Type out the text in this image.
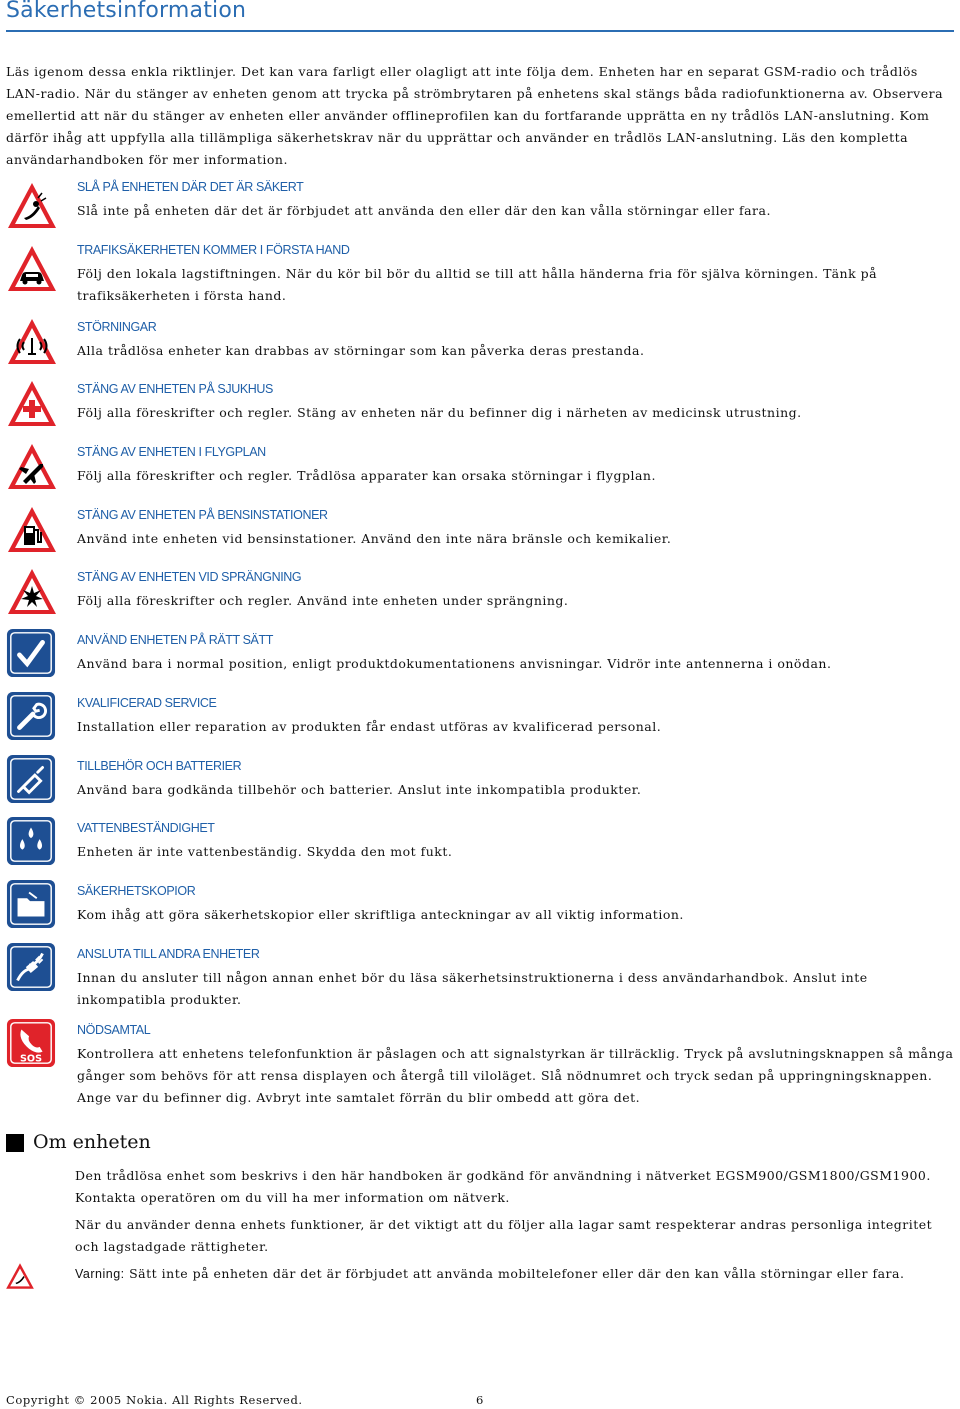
Säkerhetsinformation

Läs igenom dessa enkla riktlinjer. Det kan vara farligt eller olagligt att inte följa dem. Enheten har en separat GSM-radio och trådlös LAN-radio. När du stänger av enheten genom att trycka på strömbrytaren på enhetens skal stängs båda radiofunktionerna av. Observera emellertid att när du stänger av enheten eller använder offlineprofilen kan du fortfarande upprätta en ny trådlös LAN-anslutning. Kom därför ihåg att uppfylla alla tillämpliga säkerhetskrav när du upprättar och använder en trådlös LAN-anslutning. Läs den kompletta användarhandboken för mer information.

SLÅ PÅ ENHETEN DÄR DET ÄR SÄKERT

Slå inte på enheten där det är förbjudet att använda den eller där den kan vålla störningar eller fara.

TRAFIKSÄKERHETEN KOMMER I FÖRSTA HAND

Följ den lokala lagstiftningen. När du kör bil bör du alltid se till att hålla händerna fria för själva körningen. Tänk på trafiksäkerheten i första hand.

STÖRNINGAR

Alla trådlösa enheter kan drabbas av störningar som kan påverka deras prestanda.

STÄNG AV ENHETEN PÅ SJUKHUS

Följ alla föreskrifter och regler. Stäng av enheten när du befinner dig i närheten av medicinsk utrustning.

STÄNG AV ENHETEN I FLYGPLAN

Följ alla föreskrifter och regler. Trådlösa apparater kan orsaka störningar i flygplan.

STÄNG AV ENHETEN PÅ BENSINSTATIONER

Använd inte enheten vid bensinstationer. Använd den inte nära bränsle och kemikalier.

STÄNG AV ENHETEN VID SPRÄNGNING

Följ alla föreskrifter och regler. Använd inte enheten under sprängning.

ANVÄND ENHETEN PÅ RÄTT SÄTT

Använd bara i normal position, enligt produktdokumentationens anvisningar. Vidrör inte antennerna i onödan.

KVALIFICERAD SERVICE

Installation eller reparation av produkten får endast utföras av kvalificerad personal.

TILLBEHÖR OCH BATTERIER

Använd bara godkända tillbehör och batterier. Anslut inte inkompatibla produkter.

VATTENBESTÄNDIGHET

Enheten är inte vattenbeständig. Skydda den mot fukt.

SÄKERHETSKOPIOR

Kom ihåg att göra säkerhetskopior eller skriftliga anteckningar av all viktig information.

ANSLUTA TILL ANDRA ENHETER

Innan du ansluter till någon annan enhet bör du läsa säkerhetsinstruktionerna i dess användarhandbok. Anslut inte inkompatibla produkter.

SOS
NÖDSAMTAL

Kontrollera att enhetens telefonfunktion är påslagen och att signalstyrkan är tillräcklig. Tryck på avslutningsknappen så många gånger som behövs för att rensa displayen och återgå till viloläget. Slå nödnumret och tryck sedan på uppringningsknappen. Ange var du befinner dig. Avbryt inte samtalet förrän du blir ombedd att göra det.

Om enheten

Den trådlösa enhet som beskrivs i den här handboken är godkänd för användning i nätverket EGSM900/GSM1800/GSM1900. Kontakta operatören om du vill ha mer information om nätverk.

När du använder denna enhets funktioner, är det viktigt att du följer alla lagar samt respekterar andras personliga integritet och lagstadgade rättigheter.

Varning: Sätt inte på enheten där det är förbjudet att använda mobiltelefoner eller där den kan vålla störningar eller fara.

Copyright © 2005 Nokia. All Rights Reserved.	6
